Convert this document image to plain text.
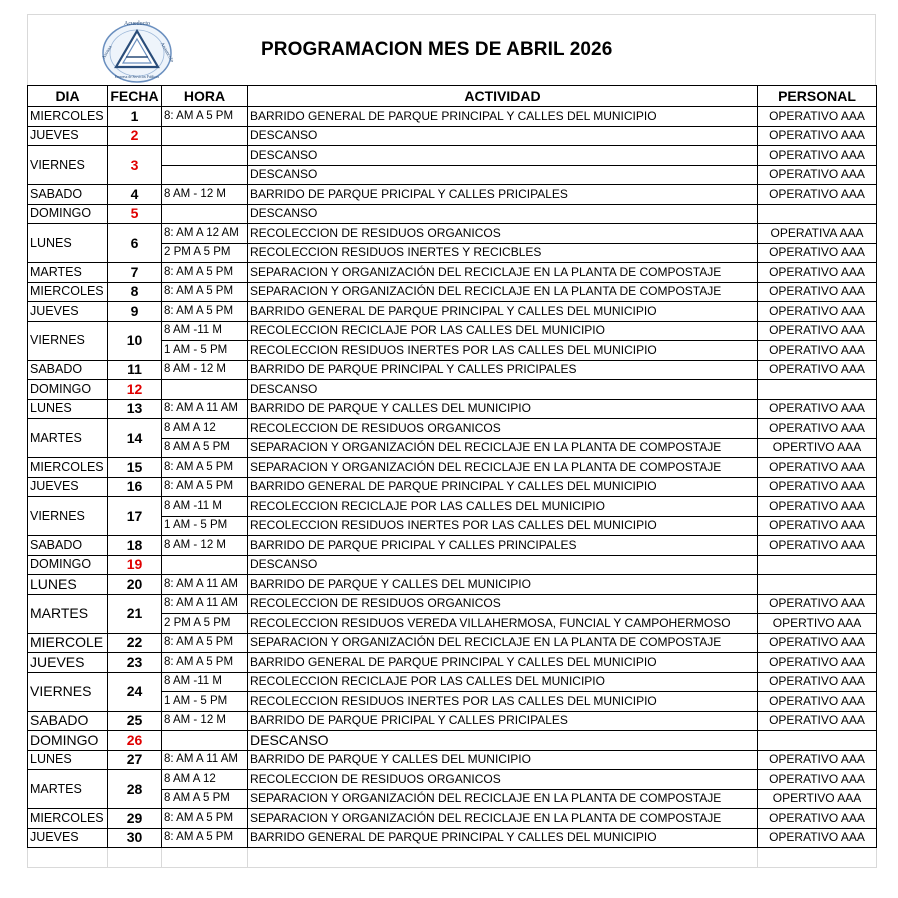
Acueducto
Asoaaa	Anauncolo
Empresa de Servicios Publicos
PROGRAMACION MES DE ABRIL 2026
DIA	FECHA	HORA	ACTIVIDAD	PERSONAL
MIERCOLES	1	8: AM A 5 PM	BARRIDO GENERAL DE PARQUE PRINCIPAL Y CALLES DEL MUNICIPIO	OPERATIVO AAA
JUEVES	2		DESCANSO	OPERATIVO AAA
VIERNES	3		DESCANSO	OPERATIVO AAA
			DESCANSO	OPERATIVO AAA
SABADO	4	8 AM - 12 M	BARRIDO DE PARQUE PRICIPAL Y CALLES PRICIPALES	OPERATIVO AAA
DOMINGO	5		DESCANSO	
LUNES	6	8: AM A 12 AM	RECOLECCION DE RESIDUOS ORGANICOS	OPERATIVA AAA
		2 PM A 5 PM	RECOLECCION RESIDUOS INERTES Y RECICBLES	OPERATIVO AAA
MARTES	7	8: AM A 5 PM	SEPARACION Y ORGANIZACIÓN DEL RECICLAJE EN LA PLANTA DE COMPOSTAJE	OPERATIVO AAA
MIERCOLES	8	8: AM A 5 PM	SEPARACION Y ORGANIZACIÓN DEL RECICLAJE EN LA PLANTA DE COMPOSTAJE	OPERATIVO AAA
JUEVES	9	8: AM A 5 PM	BARRIDO GENERAL DE PARQUE PRINCIPAL Y CALLES DEL MUNICIPIO	OPERATIVO AAA
VIERNES	10	8 AM -11 M	RECOLECCION RECICLAJE POR LAS CALLES DEL MUNICIPIO	OPERATIVO AAA
		1 AM - 5 PM	RECOLECCION RESIDUOS INERTES POR LAS CALLES DEL MUNICIPIO	OPERATIVO AAA
SABADO	11	8 AM - 12 M	BARRIDO DE PARQUE PRINCIPAL Y CALLES PRICIPALES	OPERATIVO AAA
DOMINGO	12		DESCANSO	
LUNES	13	8: AM A 11 AM	BARRIDO DE PARQUE Y CALLES DEL MUNICIPIO	OPERATIVO AAA
MARTES	14	8 AM A 12	RECOLECCION DE RESIDUOS ORGANICOS	OPERATIVO AAA
		8 AM A 5 PM	SEPARACION Y ORGANIZACIÓN DEL RECICLAJE EN LA PLANTA DE COMPOSTAJE	OPERTIVO AAA
MIERCOLES	15	8: AM A 5 PM	SEPARACION Y ORGANIZACIÓN DEL RECICLAJE EN LA PLANTA DE COMPOSTAJE	OPERATIVO AAA
JUEVES	16	8: AM A 5 PM	BARRIDO GENERAL DE PARQUE PRINCIPAL Y CALLES DEL MUNICIPIO	OPERATIVO AAA
VIERNES	17	8 AM -11 M	RECOLECCION RECICLAJE POR LAS CALLES DEL MUNICIPIO	OPERATIVO AAA
		1 AM - 5 PM	RECOLECCION RESIDUOS INERTES POR LAS CALLES DEL MUNICIPIO	OPERATIVO AAA
SABADO	18	8 AM - 12 M	BARRIDO DE PARQUE PRICIPAL Y CALLES PRINCIPALES	OPERATIVO AAA
DOMINGO	19		DESCANSO	
LUNES	20	8: AM A 11 AM	BARRIDO DE PARQUE Y CALLES DEL MUNICIPIO	
MARTES	21	8: AM A 11 AM	RECOLECCION DE RESIDUOS ORGANICOS	OPERATIVO AAA
		2 PM A 5 PM	RECOLECCION RESIDUOS VEREDA VILLAHERMOSA, FUNCIAL Y CAMPOHERMOSO	OPERTIVO AAA
MIERCOLE	22	8: AM A 5 PM	SEPARACION Y ORGANIZACIÓN DEL RECICLAJE EN LA PLANTA DE COMPOSTAJE	OPERATIVO AAA
JUEVES	23	8: AM A 5 PM	BARRIDO GENERAL DE PARQUE PRINCIPAL Y CALLES DEL MUNICIPIO	OPERATIVO AAA
VIERNES	24	8 AM -11 M	RECOLECCION RECICLAJE POR LAS CALLES DEL MUNICIPIO	OPERATIVO AAA
		1 AM - 5 PM	RECOLECCION RESIDUOS INERTES POR LAS CALLES DEL MUNICIPIO	OPERATIVO AAA
SABADO	25	8 AM - 12 M	BARRIDO DE PARQUE PRICIPAL Y CALLES PRICIPALES	OPERATIVO AAA
DOMINGO	26		DESCANSO	
LUNES	27	8: AM A 11 AM	BARRIDO DE PARQUE Y CALLES DEL MUNICIPIO	OPERATIVO AAA
MARTES	28	8 AM A 12	RECOLECCION DE RESIDUOS ORGANICOS	OPERATIVO AAA
		8 AM A 5 PM	SEPARACION Y ORGANIZACIÓN DEL RECICLAJE EN LA PLANTA DE COMPOSTAJE	OPERTIVO AAA
MIERCOLES	29	8: AM A 5 PM	SEPARACION Y ORGANIZACIÓN DEL RECICLAJE EN LA PLANTA DE COMPOSTAJE	OPERATIVO AAA
JUEVES	30	8: AM A 5 PM	BARRIDO GENERAL DE PARQUE PRINCIPAL Y CALLES DEL MUNICIPIO	OPERATIVO AAA
